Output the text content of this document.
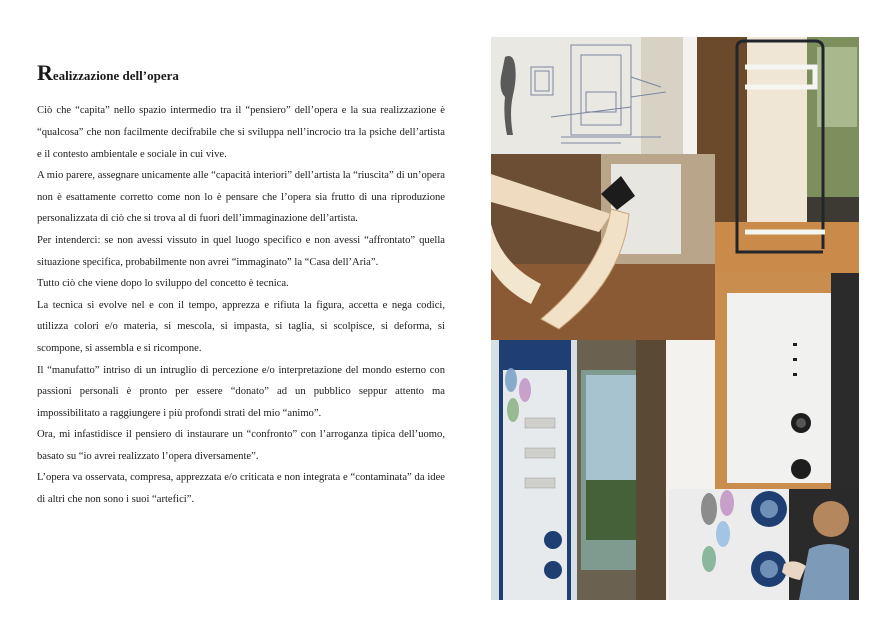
Realizzazione dell’opera

Ciò che “capita” nello spazio intermedio tra il “pensiero” dell’opera e la sua realizzazione è “qualcosa” che non facilmente decifrabile che si sviluppa nell’incrocio tra la psiche dell’artista e il contesto ambientale e sociale in cui vive.

A mio parere, assegnare unicamente alle “capacità interiori” dell’artista la “riuscita” di un’opera non è esattamente corretto come non lo è pensare che l’opera sia frutto di una riproduzione personalizzata di ciò che si trova al di fuori dell’immaginazione dell’artista.

Per intenderci: se non avessi vissuto in quel luogo specifico e non avessi “affrontato” quella situazione specifica, probabilmente non avrei “immaginato” la “Casa dell’Aria”.

Tutto ciò che viene dopo lo sviluppo del concetto è tecnica.

La tecnica si evolve nel e con il tempo, apprezza e rifiuta la figura, accetta e nega codici, utilizza colori e/o materia, si mescola, si impasta, si taglia, si scolpisce, si deforma, si scompone, si assembla e si ricompone.

Il “manufatto” intriso di un intruglio di percezione e/o interpretazione del mondo esterno con passioni personali è pronto per essere “donato” ad un pubblico seppur attento ma impossibilitato a raggiungere i più profondi strati del mio “animo”.

Ora, mi infastidisce il pensiero di instaurare un “confronto” con l’arroganza tipica dell’uomo, basato su “io avrei realizzato l’opera diversamente”.

L’opera va osservata, compresa, apprezzata e/o criticata e non integrata e “contaminata” da idee di altri che non sono i suoi “artefici”.
